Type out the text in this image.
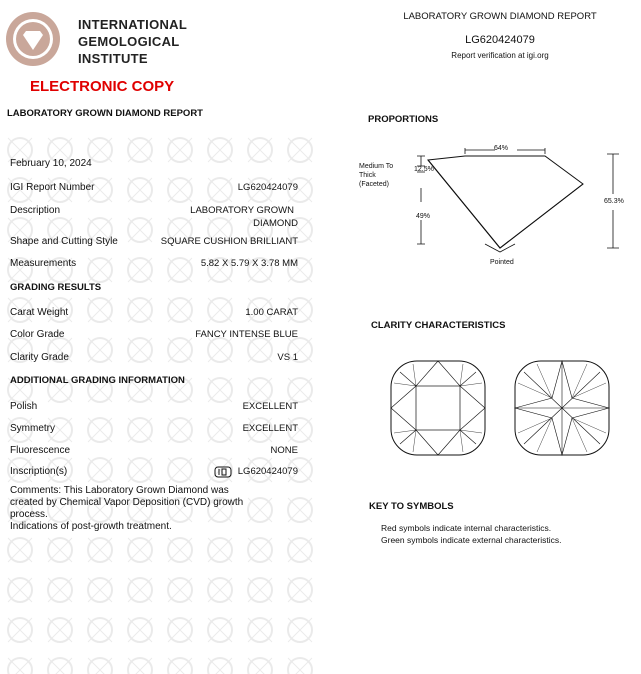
INTERNATIONAL
GEMOLOGICAL
INSTITUTE
ELECTRONIC COPY
LABORATORY GROWN DIAMOND REPORT
LABORATORY GROWN DIAMOND REPORT
LG620424079
Report verification at igi.org
February 10, 2024
IGI Report Number	LG620424079
Description	LABORATORY GROWN
DIAMOND
Shape and Cutting Style	SQUARE CUSHION BRILLIANT
Measurements	5.82 X 5.79 X 3.78 MM
GRADING RESULTS
Carat Weight	1.00 CARAT
Color Grade	FANCY INTENSE BLUE
Clarity Grade	VS 1
ADDITIONAL GRADING INFORMATION
Polish	EXCELLENT
Symmetry	EXCELLENT
Fluorescence	NONE
Inscription(s)	LG620424079
Comments: This Laboratory Grown Diamond was
created by Chemical Vapor Deposition (CVD) growth
process.
Indications of post-growth treatment.
PROPORTIONS
64%
Medium To
Thick
(Faceted)
12.5%
49%
65.3%
Pointed
CLARITY CHARACTERISTICS
KEY TO SYMBOLS
Red symbols indicate internal characteristics.
Green symbols indicate external characteristics.
